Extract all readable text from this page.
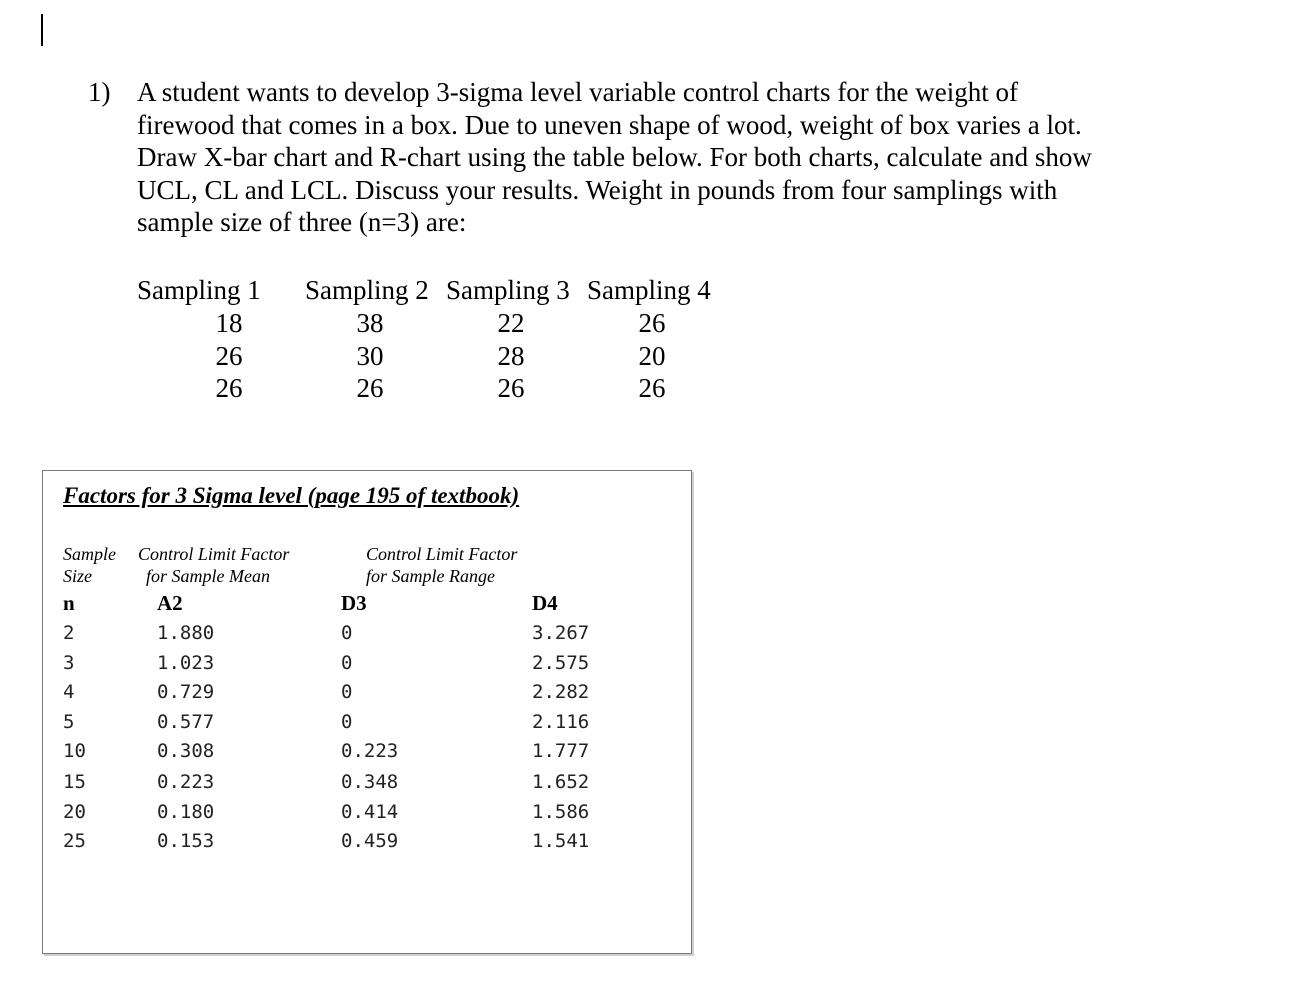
1) A student wants to develop 3-sigma level variable control charts for the weight of
firewood that comes in a box. Due to uneven shape of wood, weight of box varies a lot.
Draw X-bar chart and R-chart using the table below. For both charts, calculate and show
UCL, CL and LCL. Discuss your results. Weight in pounds from four samplings with
sample size of three (n=3) are:
Sampling 1 Sampling 2 Sampling 3 Sampling 4
18	38	22	26
26	30	28	20
26	26	26	26
Factors for 3 Sigma level (page 195 of textbook)
Sample
Size
Control Limit Factor
for Sample Mean
Control Limit Factor
for Sample Range
n	A2	D3	D4
2	1.880	0	3.267
3	1.023	0	2.575
4	0.729	0	2.282
5	0.577	0	2.116
10	0.308	0.223	1.777
15	0.223	0.348	1.652
20	0.180	0.414	1.586
25	0.153	0.459	1.541
